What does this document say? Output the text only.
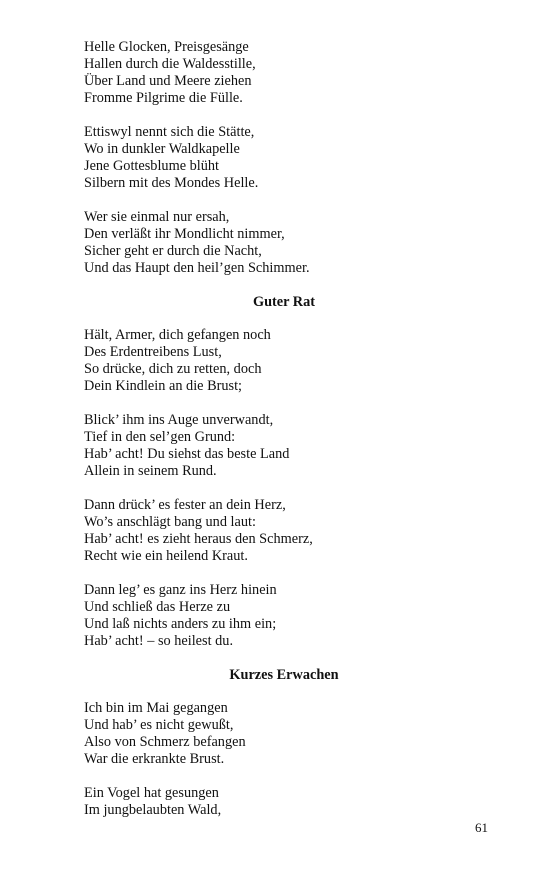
Helle Glocken, Preisgesänge
Hallen durch die Waldesstille,
Über Land und Meere ziehen
Fromme Pilgrime die Fülle.
Ettiswyl nennt sich die Stätte,
Wo in dunkler Waldkapelle
Jene Gottesblume blüht
Silbern mit des Mondes Helle.
Wer sie einmal nur ersah,
Den verläßt ihr Mondlicht nimmer,
Sicher geht er durch die Nacht,
Und das Haupt den heil’gen Schimmer.
Guter Rat
Hält, Armer, dich gefangen noch
Des Erdentreibens Lust,
So drücke, dich zu retten, doch
Dein Kindlein an die Brust;
Blick’ ihm ins Auge unverwandt,
Tief in den sel’gen Grund:
Hab’ acht! Du siehst das beste Land
Allein in seinem Rund.
Dann drück’ es fester an dein Herz,
Wo’s anschlägt bang und laut:
Hab’ acht! es zieht heraus den Schmerz,
Recht wie ein heilend Kraut.
Dann leg’ es ganz ins Herz hinein
Und schließ das Herze zu
Und laß nichts anders zu ihm ein;
Hab’ acht! – so heilest du.
Kurzes Erwachen
Ich bin im Mai gegangen
Und hab’ es nicht gewußt,
Also von Schmerz befangen
War die erkrankte Brust.
Ein Vogel hat gesungen
Im jungbelaubten Wald,
61
